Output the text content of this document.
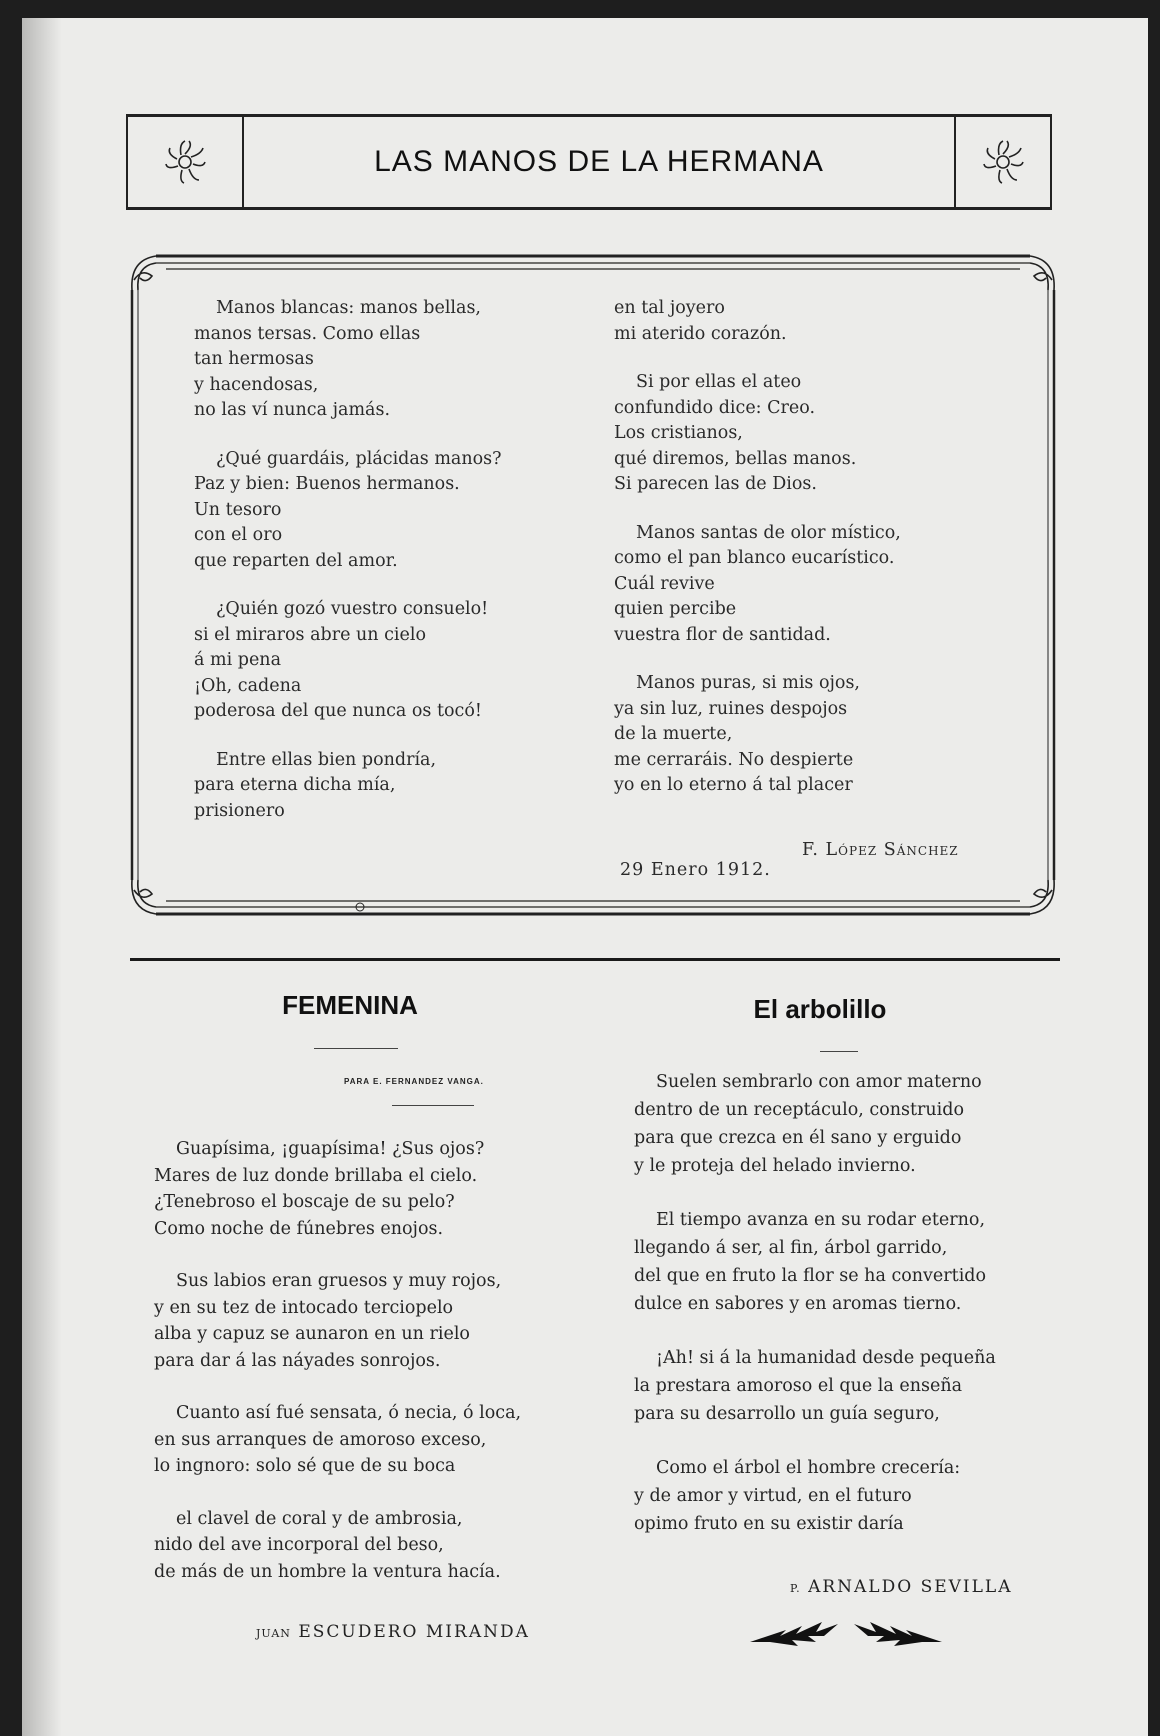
LAS MANOS DE LA HERMANA
Manos blancas: manos bellas,
manos tersas. Como ellas
tan hermosas
y hacendosas,
no las ví nunca jamás.
¿Qué guardáis, plácidas manos?
Paz y bien: Buenos hermanos.
Un tesoro
con el oro
que reparten del amor.
¿Quién gozó vuestro consuelo!
si el miraros abre un cielo
á mi pena
¡Oh, cadena
poderosa del que nunca os tocó!
Entre ellas bien pondría,
para eterna dicha mía,
prisionero
en tal joyero
mi aterido corazón.
Si por ellas el ateo
confundido dice: Creo.
Los cristianos,
qué diremos, bellas manos.
Si parecen las de Dios.
Manos santas de olor místico,
como el pan blanco eucarístico.
Cuál revive
quien percibe
vuestra flor de santidad.
Manos puras, si mis ojos,
ya sin luz, ruines despojos
de la muerte,
me cerraráis. No despierte
yo en lo eterno á tal placer
29 Enero 1912.
F. López Sánchez
FEMENINA
PARA E. FERNANDEZ VANGA.
Guapísima, ¡guapísima! ¿Sus ojos?
Mares de luz donde brillaba el cielo.
¿Tenebroso el boscaje de su pelo?
Como noche de fúnebres enojos.
Sus labios eran gruesos y muy rojos,
y en su tez de intocado terciopelo
alba y capuz se aunaron en un rielo
para dar á las náyades sonrojos.
Cuanto así fué sensata, ó necia, ó loca,
en sus arranques de amoroso exceso,
lo ingnoro: solo sé que de su boca
el clavel de coral y de ambrosia,
nido del ave incorporal del beso,
de más de un hombre la ventura hacía.
JUAN ESCUDERO MIRANDA
El arbolillo
Suelen sembrarlo con amor materno
dentro de un receptáculo, construido
para que crezca en él sano y erguido
y le proteja del helado invierno.
El tiempo avanza en su rodar eterno,
llegando á ser, al fin, árbol garrido,
del que en fruto la flor se ha convertido
dulce en sabores y en aromas tierno.
¡Ah! si á la humanidad desde pequeña
la prestara amoroso el que la enseña
para su desarrollo un guía seguro,
Como el árbol el hombre crecería:
y de amor y virtud, en el futuro
opimo fruto en su existir daría
P. ARNALDO SEVILLA
